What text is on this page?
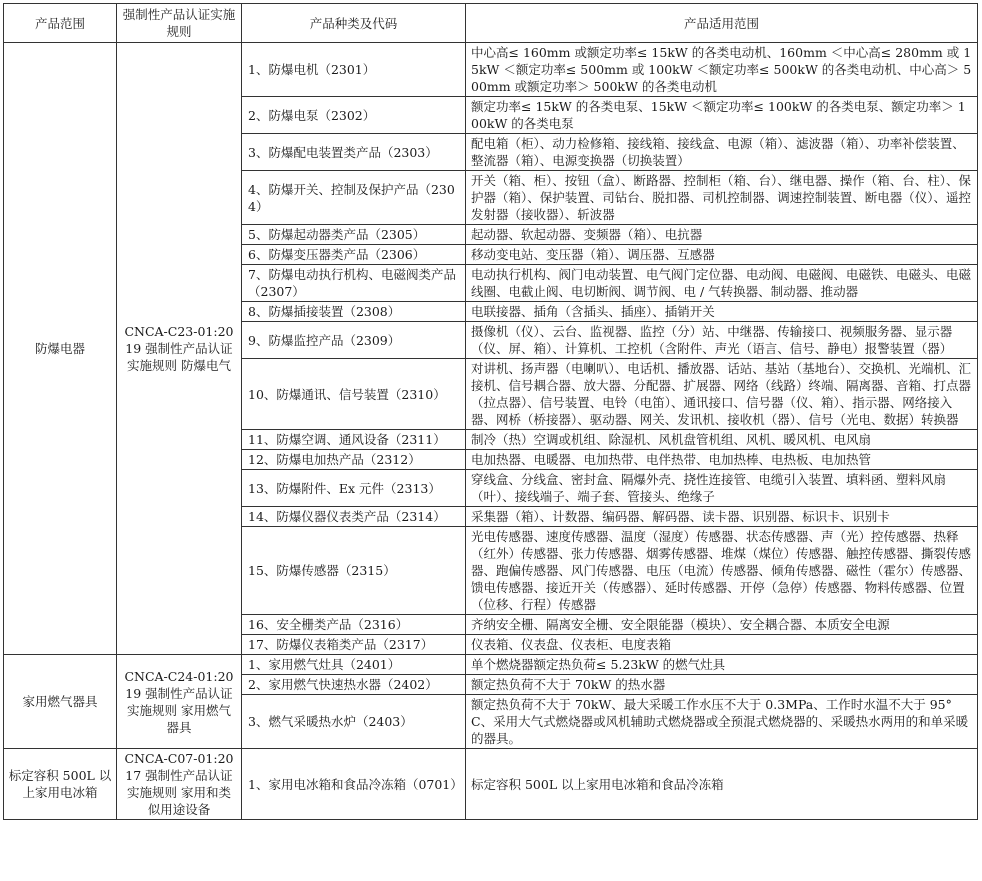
产品范围	强制性产品认证实施规则	产品种类及代码	产品适用范围
防爆电器	CNCA-C23-01:2019 强制性产品认证实施规则 防爆电气	1、防爆电机（2301）	中心高≤ 160mm 或额定功率≤ 15kW 的各类电动机、160mm ＜中心高≤ 280mm 或 15kW ＜额定功率≤ 500mm 或 100kW ＜额定功率≤ 500kW 的各类电动机、中心高＞ 500mm 或额定功率＞ 500kW 的各类电动机
		2、防爆电泵（2302）	额定功率≤ 15kW 的各类电泵、15kW ＜额定功率≤ 100kW 的各类电泵、额定功率＞ 100kW 的各类电泵
		3、防爆配电装置类产品（2303）	配电箱（柜）、动力检修箱、接线箱、接线盒、电源（箱）、滤波器（箱）、功率补偿装置、整流器（箱）、电源变换器（切换装置）
		4、防爆开关、控制及保护产品（2304）	开关（箱、柜）、按钮（盒）、断路器、控制柜（箱、台）、继电器、操作（箱、台、柱）、保护器（箱）、保护装置、司钻台、脱扣器、司机控制器、调速控制装置、断电器（仪）、遥控发射器（接收器）、斩波器
		5、防爆起动器类产品（2305）	起动器、软起动器、变频器（箱）、电抗器
		6、防爆变压器类产品（2306）	移动变电站、变压器（箱）、调压器、互感器
		7、防爆电动执行机构、电磁阀类产品（2307）	电动执行机构、阀门电动装置、电气阀门定位器、电动阀、电磁阀、电磁铁、电磁头、电磁线圈、电截止阀、电切断阀、调节阀、电 / 气转换器、制动器、推动器
		8、防爆插接装置（2308）	电联接器、插角（含插头、插座）、插销开关
		9、防爆监控产品（2309）	摄像机（仪）、云台、监视器、监控（分）站、中继器、传输接口、视频服务器、显示器（仪、屏、箱）、计算机、工控机（含附件、声光（语言、信号、静电）报警装置（器）
		10、防爆通讯、信号装置（2310）	对讲机、扬声器（电喇叭）、电话机、播放器、话站、基站（基地台）、交换机、光端机、汇接机、信号耦合器、放大器、分配器、扩展器、网络（线路）终端、隔离器、音箱、打点器（拉点器）、信号装置、电铃（电笛）、通讯接口、信号器（仪、箱）、指示器、网络接入器、网桥（桥接器）、驱动器、网关、发讯机、接收机（器）、信号（光电、数据）转换器
		11、防爆空调、通风设备（2311）	制冷（热）空调或机组、除湿机、风机盘管机组、风机、暖风机、电风扇
		12、防爆电加热产品（2312）	电加热器、电暖器、电加热带、电伴热带、电加热棒、电热板、电加热管
		13、防爆附件、Ex 元件（2313）	穿线盒、分线盒、密封盒、隔爆外壳、挠性连接管、电缆引入装置、填料函、塑料风扇（叶）、接线端子、端子套、管接头、绝缘子
		14、防爆仪器仪表类产品（2314）	采集器（箱）、计数器、编码器、解码器、读卡器、识别器、标识卡、识别卡
		15、防爆传感器（2315）	光电传感器、速度传感器、温度（湿度）传感器、状态传感器、声（光）控传感器、热释（红外）传感器、张力传感器、烟雾传感器、堆煤（煤位）传感器、触控传感器、撕裂传感器、跑偏传感器、风门传感器、电压（电流）传感器、倾角传感器、磁性（霍尔）传感器、馈电传感器、接近开关（传感器）、延时传感器、开停（急停）传感器、物料传感器、位置（位移、行程）传感器
		16、安全栅类产品（2316）	齐纳安全栅、隔离安全栅、安全限能器（模块）、安全耦合器、本质安全电源
		17、防爆仪表箱类产品（2317）	仪表箱、仪表盘、仪表柜、电度表箱
家用燃气器具	CNCA-C24-01:2019 强制性产品认证实施规则 家用燃气器具	1、家用燃气灶具（2401）	单个燃烧器额定热负荷≤ 5.23kW 的燃气灶具
		2、家用燃气快速热水器（2402）	额定热负荷不大于 70kW 的热水器
		3、燃气采暖热水炉（2403）	额定热负荷不大于 70kW、最大采暖工作水压不大于 0.3MPa、工作时水温不大于 95°C、采用大气式燃烧器或风机辅助式燃烧器或全预混式燃烧器的、采暖热水两用的和单采暖的器具。
标定容积 500L 以上家用电冰箱	CNCA-C07-01:2017 强制性产品认证实施规则 家用和类似用途设备	1、家用电冰箱和食品冷冻箱（0701）	标定容积 500L 以上家用电冰箱和食品冷冻箱
